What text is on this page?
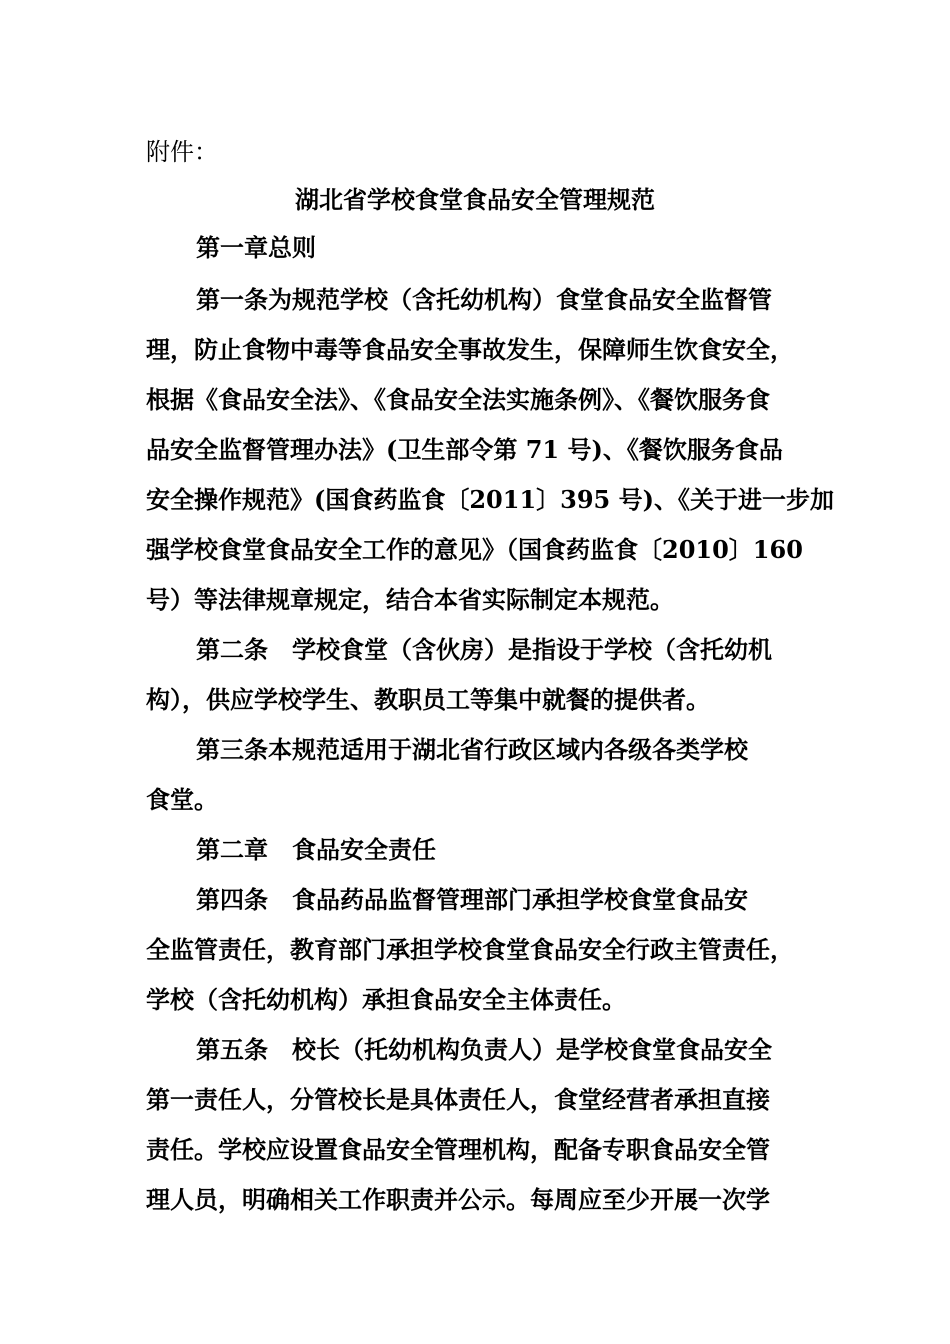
附件：

湖北省学校食堂食品安全管理规范

第一章总则

第一条为规范学校（含托幼机构）食堂食品安全监督管

理，防止食物中毒等食品安全事故发生，保障师生饮食安全，

根据《食品安全法》、《食品安全法实施条例》、《餐饮服务食

品安全监督管理办法》(卫生部令第 71 号)、《餐饮服务食品

安全操作规范》(国食药监食〔2011〕395 号)、《关于进一步加

强学校食堂食品安全工作的意见》（国食药监食〔2010〕160

号）等法律规章规定，结合本省实际制定本规范。

第二条　学校食堂（含伙房）是指设于学校（含托幼机

构），供应学校学生、教职员工等集中就餐的提供者。

第三条本规范适用于湖北省行政区域内各级各类学校

食堂。

第二章　食品安全责任

第四条　食品药品监督管理部门承担学校食堂食品安

全监管责任，教育部门承担学校食堂食品安全行政主管责任，

学校（含托幼机构）承担食品安全主体责任。

第五条　校长（托幼机构负责人）是学校食堂食品安全

第一责任人，分管校长是具体责任人，食堂经营者承担直接

责任。学校应设置食品安全管理机构，配备专职食品安全管

理人员，明确相关工作职责并公示。每周应至少开展一次学
